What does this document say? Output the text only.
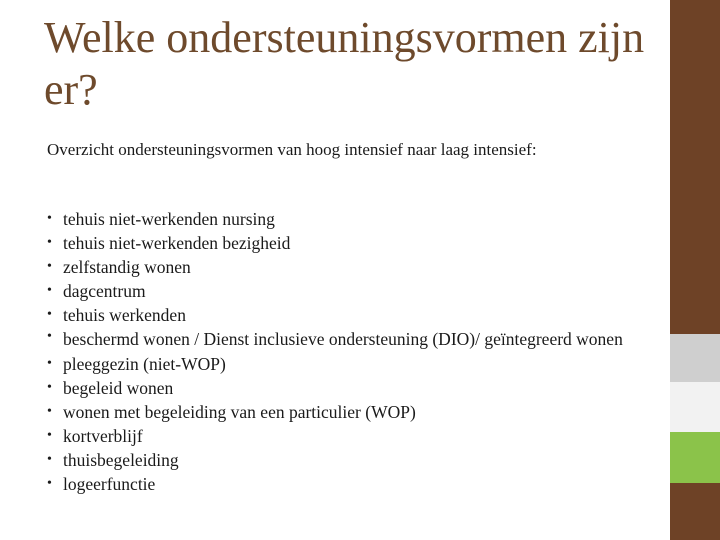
Welke ondersteuningsvormen zijn er?

Overzicht ondersteuningsvormen van hoog intensief naar laag intensief:

• tehuis niet-werkenden nursing
• tehuis niet-werkenden bezigheid
• zelfstandig wonen
• dagcentrum
• tehuis werkenden
• beschermd wonen / Dienst inclusieve ondersteuning (DIO)/ geïntegreerd wonen
• pleeggezin (niet-WOP)
• begeleid wonen
• wonen met begeleiding van een particulier (WOP)
• kortverblijf
• thuisbegeleiding
• logeerfunctie
